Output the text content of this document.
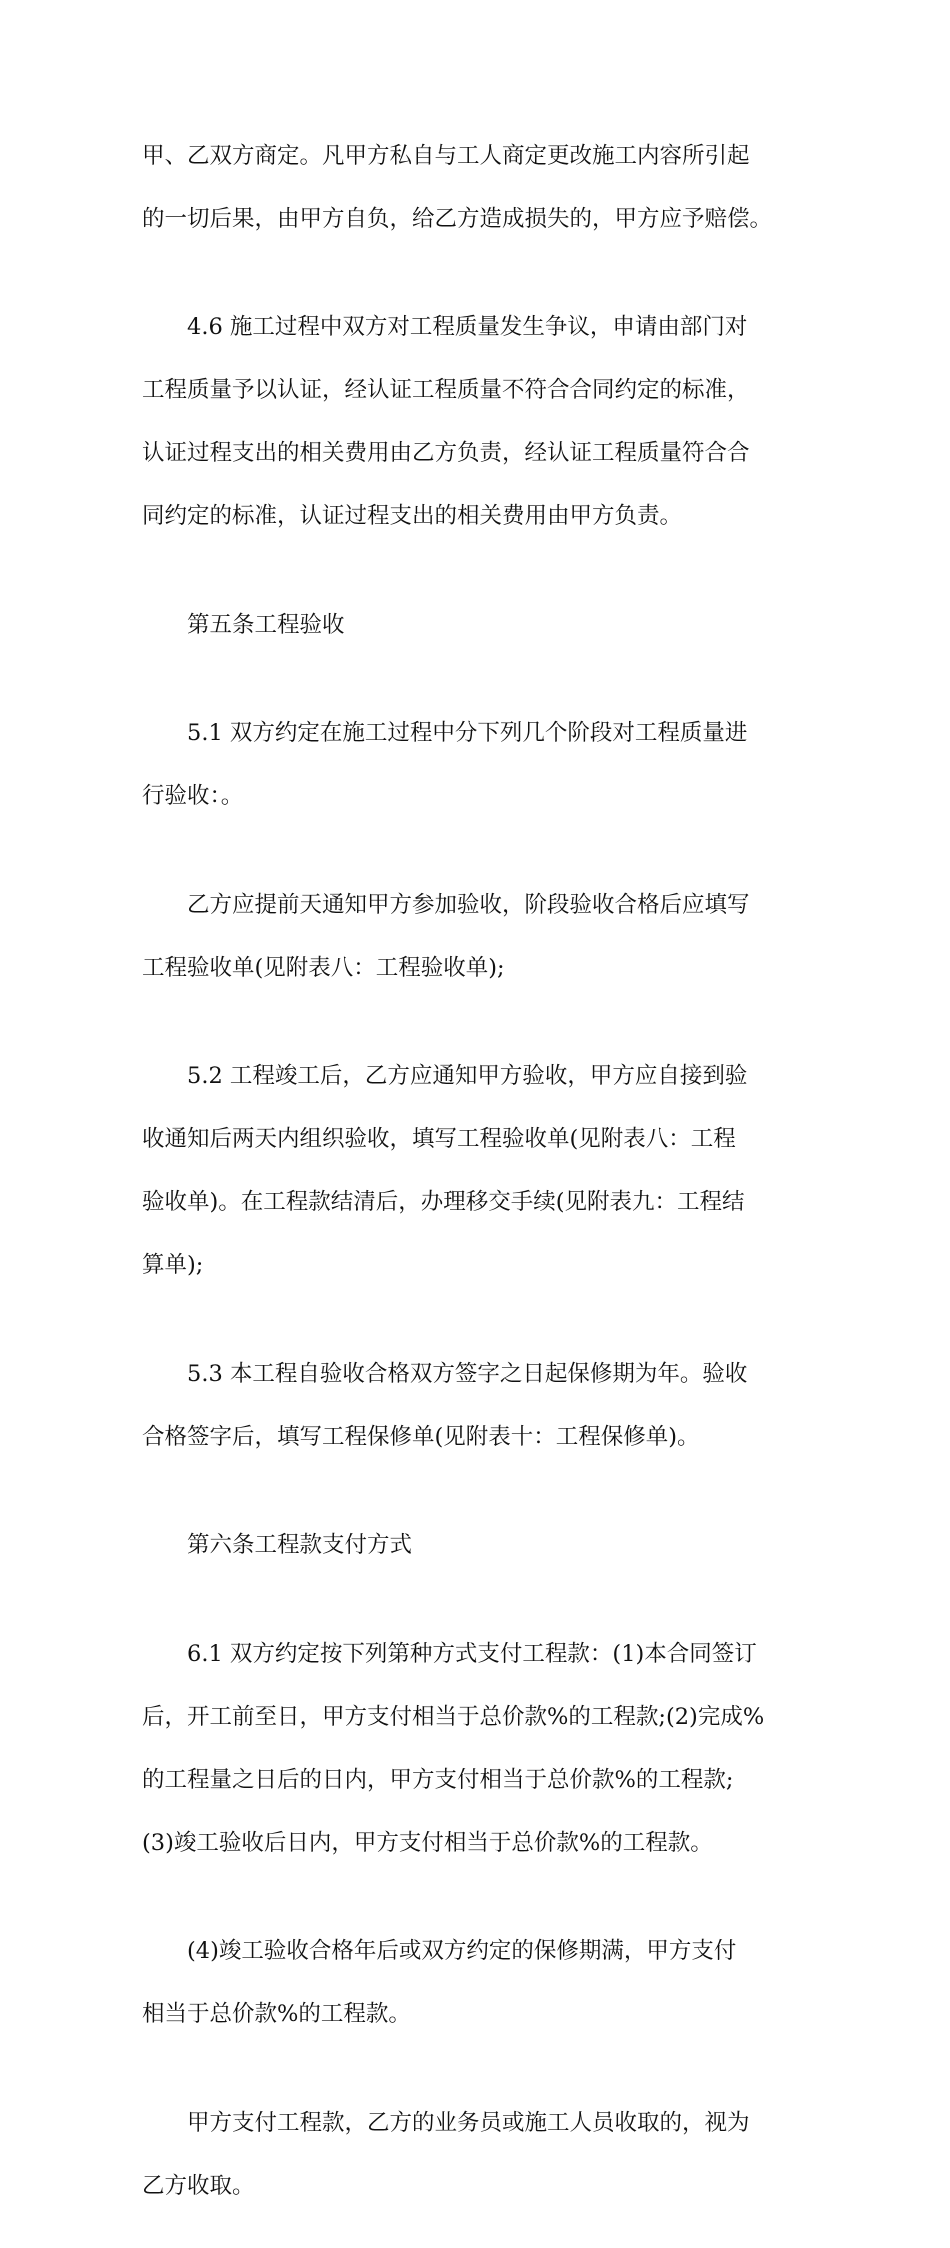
甲、乙双方商定。凡甲方私自与工人商定更改施工内容所引起

的一切后果，由甲方自负，给乙方造成损失的，甲方应予赔偿。

4.6 施工过程中双方对工程质量发生争议，申请由部门对

工程质量予以认证，经认证工程质量不符合合同约定的标准，

认证过程支出的相关费用由乙方负责，经认证工程质量符合合

同约定的标准，认证过程支出的相关费用由甲方负责。

第五条工程验收

5.1 双方约定在施工过程中分下列几个阶段对工程质量进

行验收：。

乙方应提前天通知甲方参加验收，阶段验收合格后应填写

工程验收单(见附表八：工程验收单);

5.2 工程竣工后，乙方应通知甲方验收，甲方应自接到验

收通知后两天内组织验收，填写工程验收单(见附表八：工程

验收单)。在工程款结清后，办理移交手续(见附表九：工程结

算单);

5.3 本工程自验收合格双方签字之日起保修期为年。验收

合格签字后，填写工程保修单(见附表十：工程保修单)。

第六条工程款支付方式

6.1 双方约定按下列第种方式支付工程款：(1)本合同签订

后，开工前至日，甲方支付相当于总价款%的工程款;(2)完成%

的工程量之日后的日内，甲方支付相当于总价款%的工程款;

(3)竣工验收后日内，甲方支付相当于总价款%的工程款。

(4)竣工验收合格年后或双方约定的保修期满，甲方支付

相当于总价款%的工程款。

甲方支付工程款，乙方的业务员或施工人员收取的，视为

乙方收取。
